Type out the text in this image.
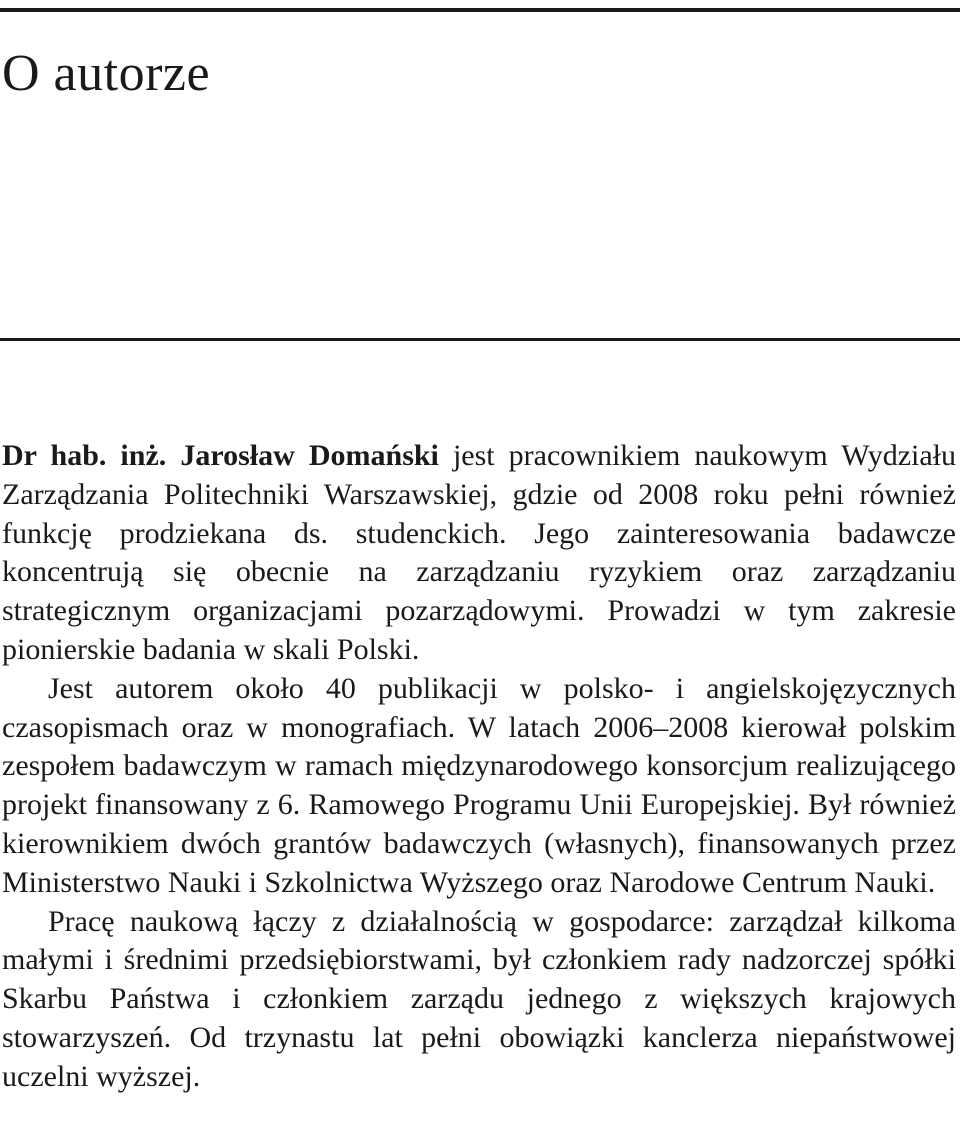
O autorze

Dr hab. inż. Jarosław Domański jest pracownikiem naukowym Wydziału Zarządzania Politechniki Warszawskiej, gdzie od 2008 roku pełni również funkcję prodziekana ds. studenckich. Jego zainteresowania badawcze koncentrują się obecnie na zarządzaniu ryzykiem oraz zarządzaniu strategicznym organizacjami pozarządowymi. Prowadzi w tym zakresie pionierskie badania w skali Polski.

Jest autorem około 40 publikacji w polsko- i angielskojęzycznych czasopismach oraz w monografiach. W latach 2006–2008 kierował polskim zespołem badawczym w ramach międzynarodowego konsorcjum realizującego projekt finansowany z 6. Ramowego Programu Unii Europejskiej. Był również kierownikiem dwóch grantów badawczych (własnych), finansowanych przez Ministerstwo Nauki i Szkolnictwa Wyższego oraz Narodowe Centrum Nauki.

Pracę naukową łączy z działalnością w gospodarce: zarządzał kilkoma małymi i średnimi przedsiębiorstwami, był członkiem rady nadzorczej spółki Skarbu Państwa i członkiem zarządu jednego z większych krajowych stowarzyszeń. Od trzynastu lat pełni obowiązki kanclerza niepaństwowej uczelni wyższej.
